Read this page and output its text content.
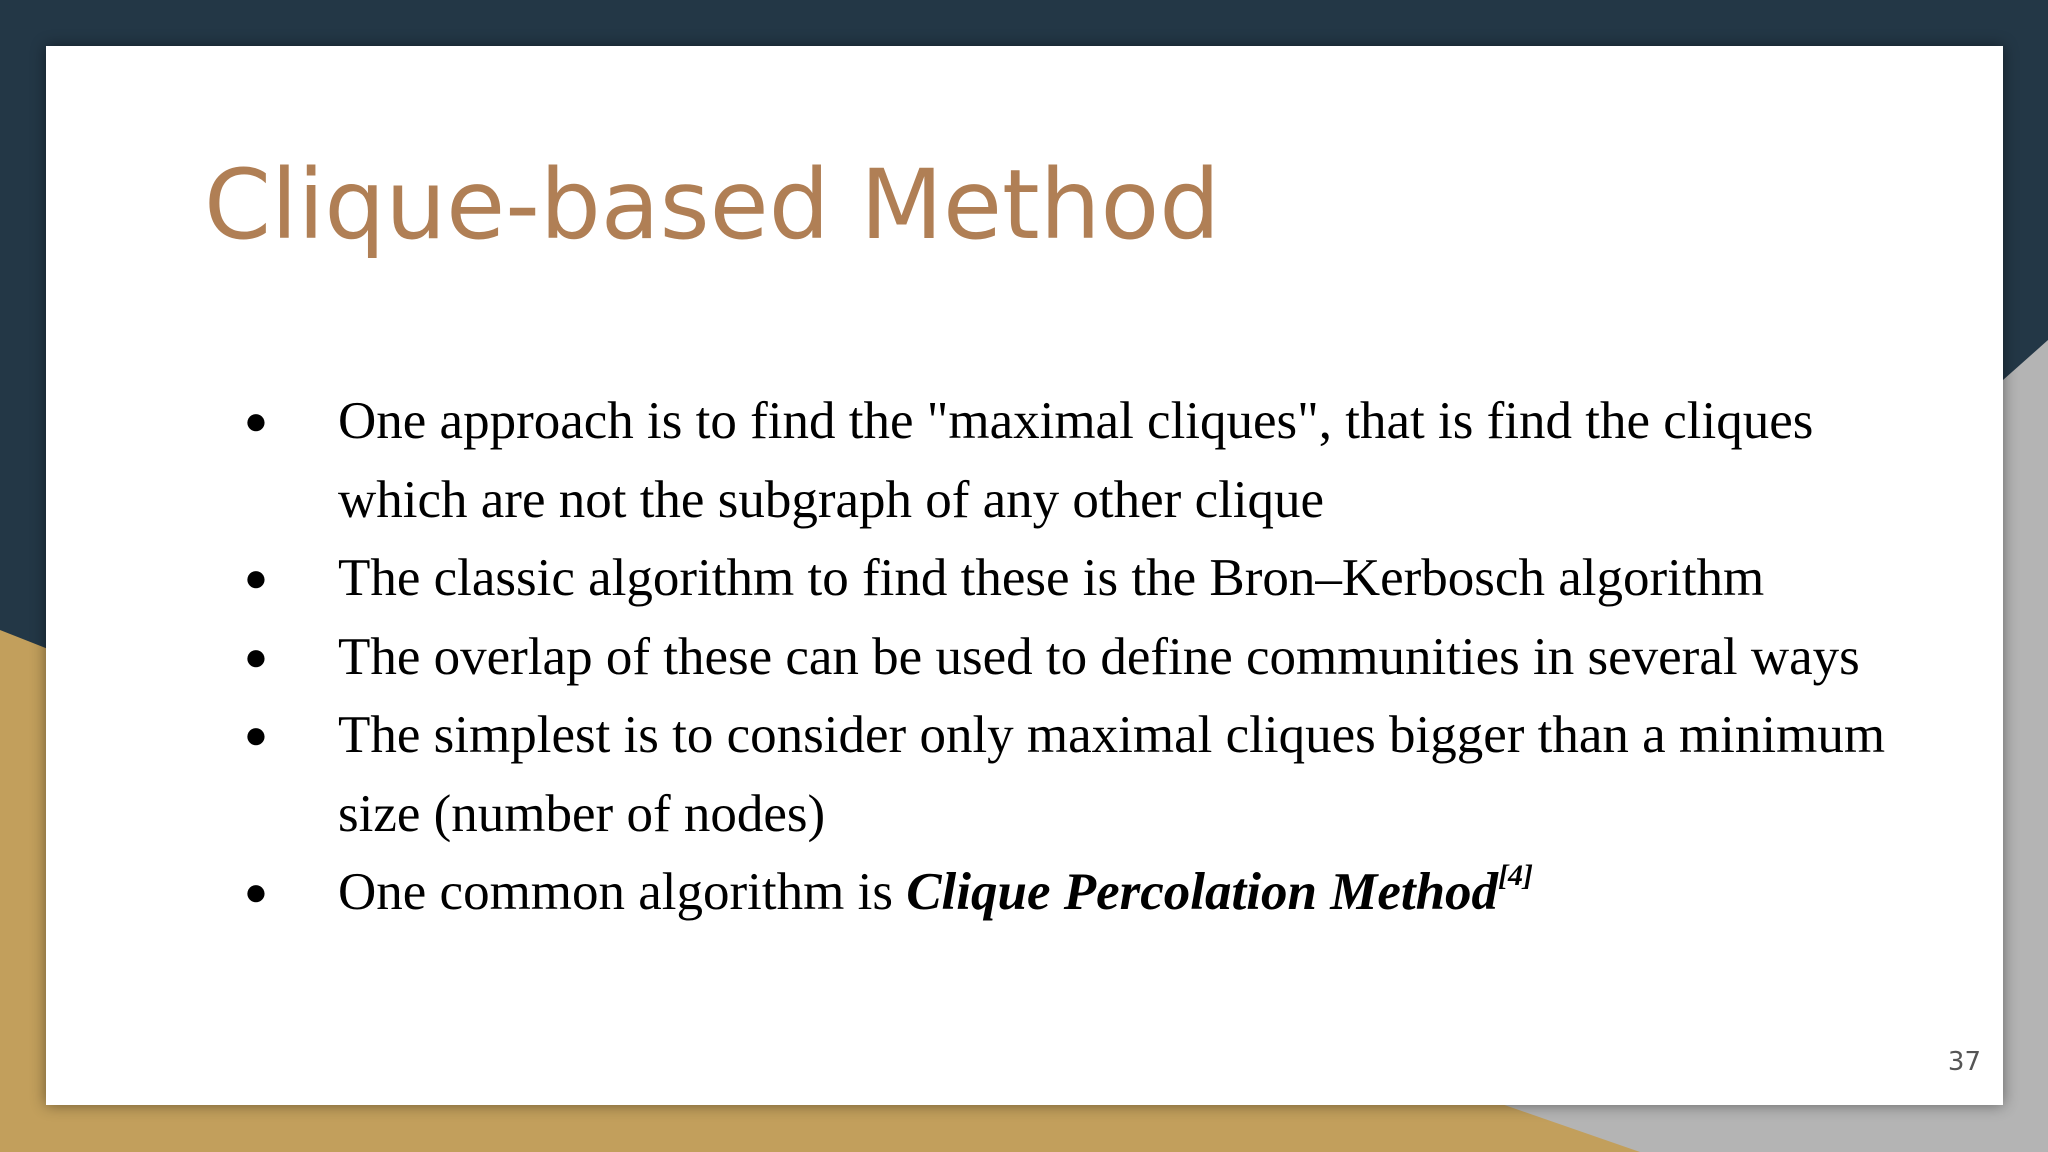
Clique-based Method
● One approach is to find the "maximal cliques", that is find the cliques which are not the subgraph of any other clique
● The classic algorithm to find these is the Bron–Kerbosch algorithm
● The overlap of these can be used to define communities in several ways
● The simplest is to consider only maximal cliques bigger than a minimum size (number of nodes)
● One common algorithm is Clique Percolation Method[4]
37
